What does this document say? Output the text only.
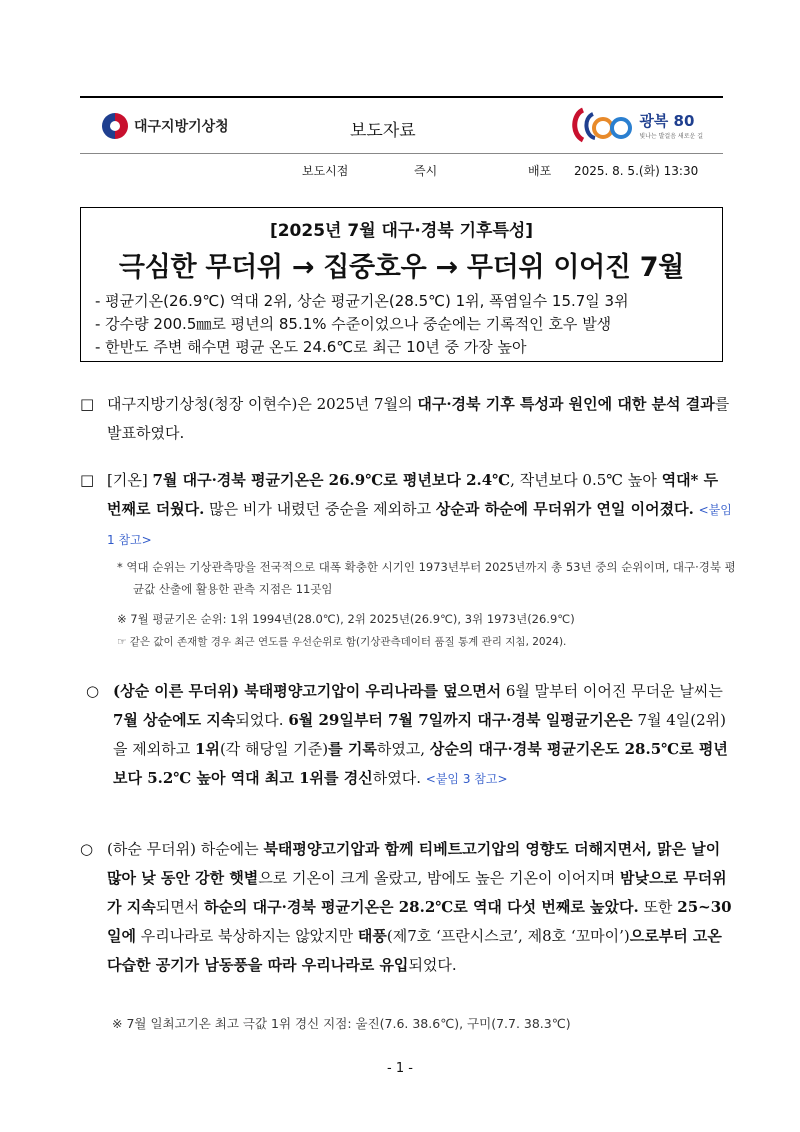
대구지방기상청	보도자료	광복 80
빛나는 발걸음 새로운 길
보도시점	즉시	배포 2025. 8. 5.(화) 13:30
[2025년 7월 대구·경북 기후특성]
극심한 무더위 → 집중호우 → 무더위 이어진 7월
- 평균기온(26.9℃) 역대 2위, 상순 평균기온(28.5℃) 1위, 폭염일수 15.7일 3위
- 강수량 200.5㎜로 평년의 85.1% 수준이었으나 중순에는 기록적인 호우 발생
- 한반도 주변 해수면 평균 온도 24.6℃로 최근 10년 중 가장 높아
□ 대구지방기상청(청장 이현수)은 2025년 7월의 대구·경북 기후 특성과 원인에 대한 분석 결과를 발표하였다.
□ [기온] 7월 대구·경북 평균기온은 26.9℃로 평년보다 2.4℃, 작년보다 0.5℃ 높아 역대* 두 번째로 더웠다. 많은 비가 내렸던 중순을 제외하고 상순과 하순에 무더위가 연일 이어졌다. <붙임 1 참고>
* 역대 순위는 기상관측망을 전국적으로 대폭 확충한 시기인 1973년부터 2025년까지 총 53년 중의 순위이며, 대구·경북 평균값 산출에 활용한 관측 지점은 11곳임
※ 7월 평균기온 순위: 1위 1994년(28.0℃), 2위 2025년(26.9℃), 3위 1973년(26.9℃)
☞ 같은 값이 존재할 경우 최근 연도를 우선순위로 함(기상관측데이터 품질 통계 관리 지침, 2024).
○ (상순 이른 무더위) 북태평양고기압이 우리나라를 덮으면서 6월 말부터 이어진 무더운 날씨는 7월 상순에도 지속되었다. 6월 29일부터 7월 7일까지 대구·경북 일평균기온은 7월 4일(2위)을 제외하고 1위(각 해당일 기준)를 기록하였고, 상순의 대구·경북 평균기온도 28.5℃로 평년보다 5.2℃ 높아 역대 최고 1위를 경신하였다. <붙임 3 참고>
○ (하순 무더위) 하순에는 북태평양고기압과 함께 티베트고기압의 영향도 더해지면서, 맑은 날이 많아 낮 동안 강한 햇볕으로 기온이 크게 올랐고, 밤에도 높은 기온이 이어지며 밤낮으로 무더위가 지속되면서 하순의 대구·경북 평균기온은 28.2℃로 역대 다섯 번째로 높았다. 또한 25~30일에 우리나라로 북상하지는 않았지만 태풍(제7호 ‘프란시스코’, 제8호 ‘꼬마이’)으로부터 고온다습한 공기가 남동풍을 따라 우리나라로 유입되었다.
※ 7월 일최고기온 최고 극값 1위 경신 지점: 울진(7.6. 38.6℃), 구미(7.7. 38.3℃)
- 1 -
